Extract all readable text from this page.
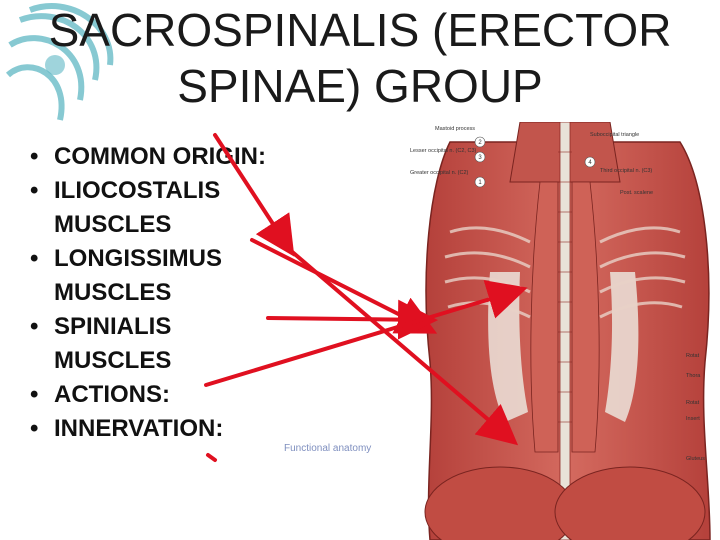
SACROSPINALIS (ERECTOR
SPINAE) GROUP
• COMMON ORIGIN:
• ILIOCOSTALIS
MUSCLES
• LONGISSIMUS
MUSCLES
• SPINIALIS
MUSCLES
• ACTIONS:
• INNERVATION:
Functional anatomy
Mastoid process
Suboccipital triangle
Lesser occipital n. (C2, C3)
Greater occipital n. (C2)	Third occipital n. (C3)
Post. scalene
Rotat
Thora
Rotat
Insert
Gluteus
2
3
1
4
